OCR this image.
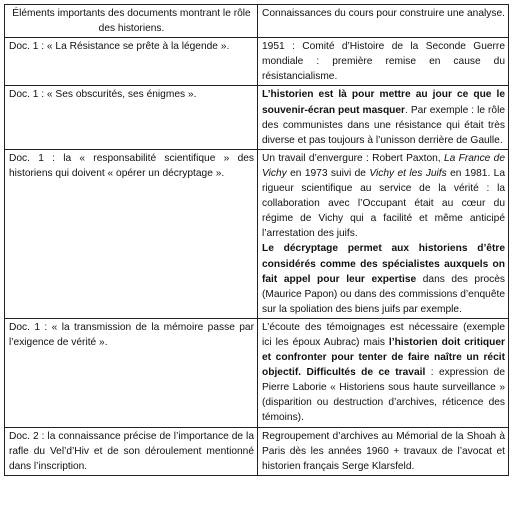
Éléments importants des documents montrant le rôle des historiens.	Connaissances du cours pour construire une analyse.
Doc. 1 : « La Résistance se prête à la légende ».	1951 : Comité d’Histoire de la Seconde Guerre mondiale : première remise en cause du résistancialisme.
Doc. 1 : « Ses obscurités, ses énigmes ».	L’historien est là pour mettre au jour ce que le souvenir-écran peut masquer. Par exemple : le rôle des communistes dans une résistance qui était très diverse et pas toujours à l’unisson derrière de Gaulle.
Doc. 1 : la « responsabilité scientifique » des historiens qui doivent « opérer un décryptage ».	Un travail d’envergure : Robert Paxton, La France de Vichy en 1973 suivi de Vichy et les Juifs en 1981. La rigueur scientifique au service de la vérité : la collaboration avec l’Occupant était au cœur du régime de Vichy qui a facilité et même anticipé l’arrestation des juifs.
Le décryptage permet aux historiens d’être considérés comme des spécialistes auxquels on fait appel pour leur expertise dans des procès (Maurice Papon) ou dans des commissions d’enquête sur la spoliation des biens juifs par exemple.

Doc. 1 : « la transmission de la mémoire passe par l’exigence de vérité ».	L’écoute des témoignages est nécessaire (exemple ici les époux Aubrac) mais l’historien doit critiquer et confronter pour tenter de faire naître un récit objectif. Difficultés de ce travail : expression de Pierre Laborie « Historiens sous haute surveillance » (disparition ou destruction d’archives, réticence des témoins).
Doc. 2 : la connaissance précise de l’importance de la rafle du Vel’d’Hiv et de son déroulement mentionné dans l’inscription.	Regroupement d’archives au Mémorial de la Shoah à Paris dès les années 1960 + travaux de l’avocat et historien français Serge Klarsfeld.
